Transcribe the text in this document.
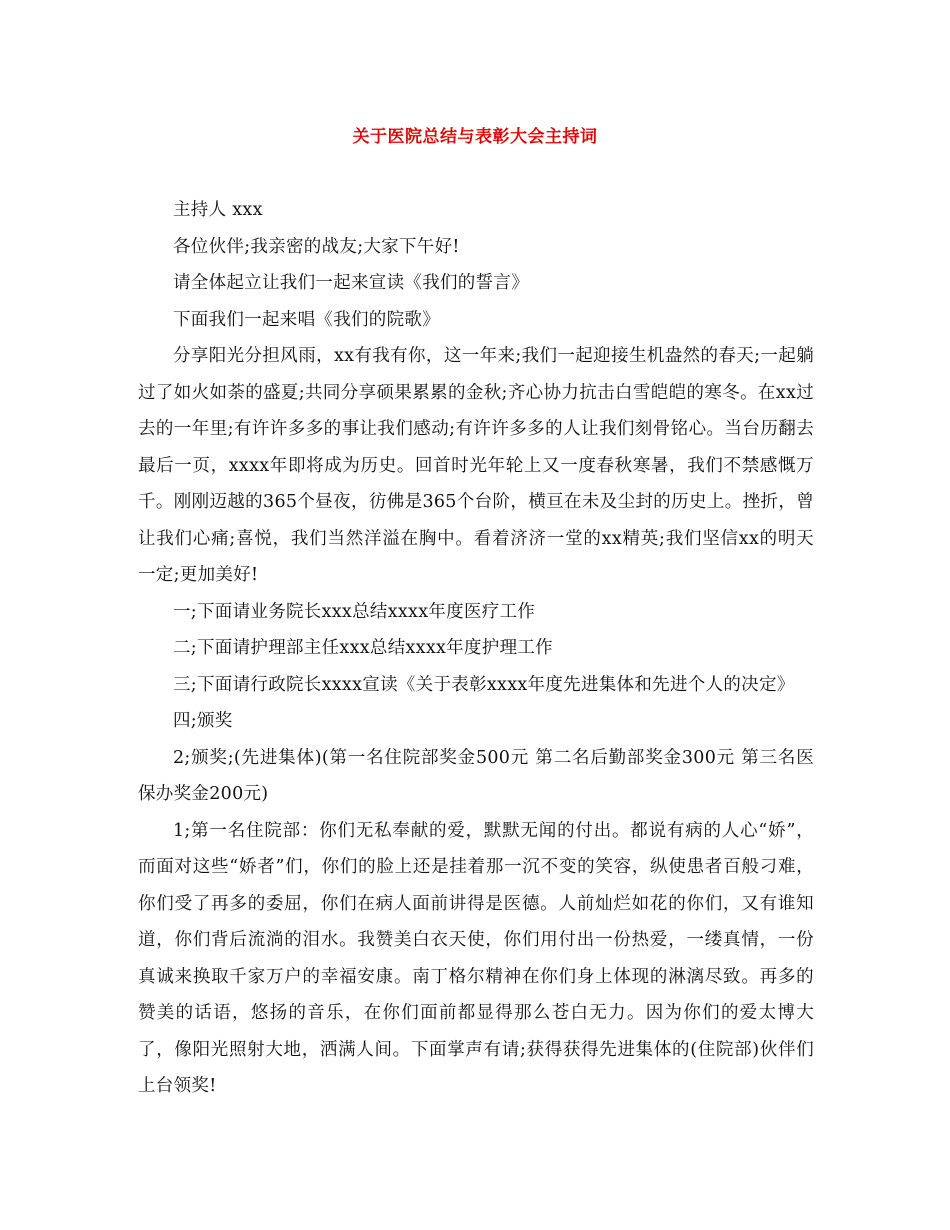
关于医院总结与表彰大会主持词

主持人 xxx

各位伙伴;我亲密的战友;大家下午好!

请全体起立让我们一起来宣读《我们的誓言》

下面我们一起来唱《我们的院歌》

分享阳光分担风雨，xx有我有你，这一年来;我们一起迎接生机盎然的春天;一起躺过了如火如荼的盛夏;共同分享硕果累累的金秋;齐心协力抗击白雪皑皑的寒冬。在xx过去的一年里;有许许多多的事让我们感动;有许许多多的人让我们刻骨铭心。当台历翻去最后一页，xxxx年即将成为历史。回首时光年轮上又一度春秋寒暑，我们不禁感慨万千。刚刚迈越的365个昼夜，彷佛是365个台阶，横亘在未及尘封的历史上。挫折，曾让我们心痛;喜悦，我们当然洋溢在胸中。看着济济一堂的xx精英;我们坚信xx的明天一定;更加美好!

一;下面请业务院长xxx总结xxxx年度医疗工作

二;下面请护理部主任xxx总结xxxx年度护理工作

三;下面请行政院长xxxx宣读《关于表彰xxxx年度先进集体和先进个人的决定》

四;颁奖

2;颁奖;(先进集体)(第一名住院部奖金500元 第二名后勤部奖金300元 第三名医保办奖金200元)

1;第一名住院部：你们无私奉献的爱，默默无闻的付出。都说有病的人心“娇”，而面对这些“娇者”们，你们的脸上还是挂着那一沉不变的笑容，纵使患者百般刁难，你们受了再多的委屈，你们在病人面前讲得是医德。人前灿烂如花的你们，又有谁知道，你们背后流淌的泪水。我赞美白衣天使，你们用付出一份热爱，一缕真情，一份真诚来换取千家万户的幸福安康。南丁格尔精神在你们身上体现的淋漓尽致。再多的赞美的话语，悠扬的音乐，在你们面前都显得那么苍白无力。因为你们的爱太博大了，像阳光照射大地，洒满人间。下面掌声有请;获得获得先进集体的(住院部)伙伴们上台领奖!
